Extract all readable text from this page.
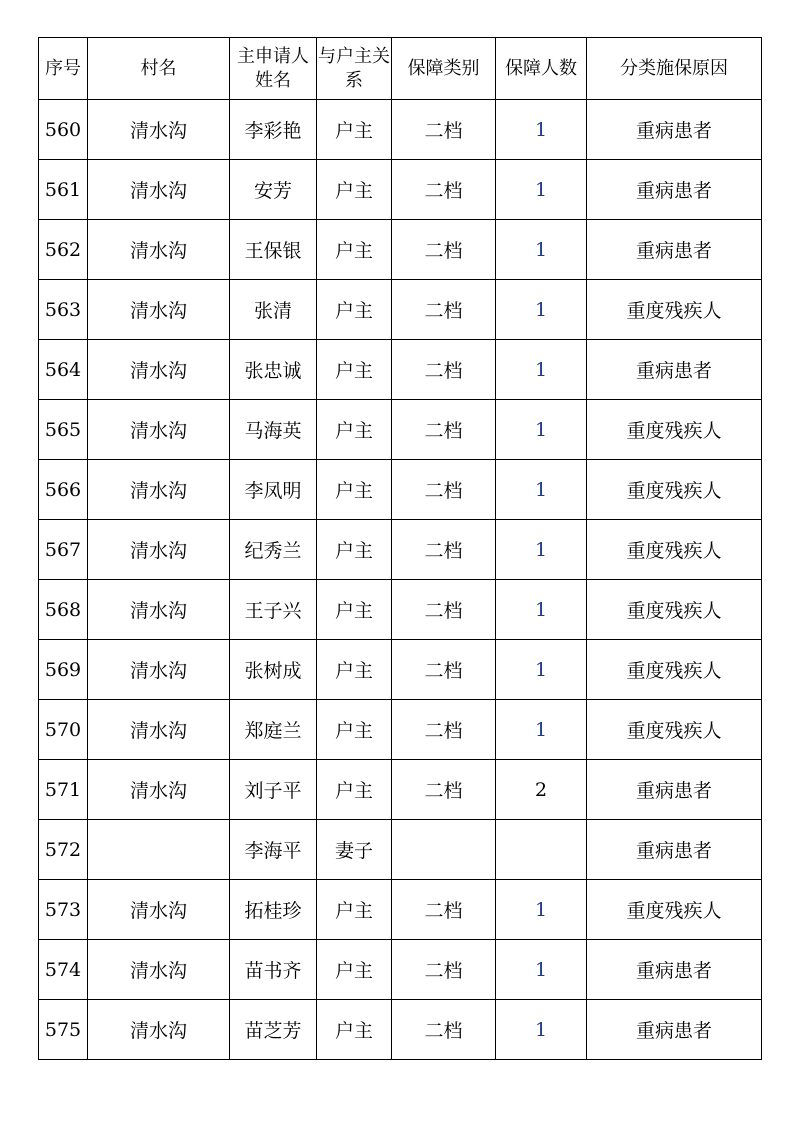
序号	村名	主申请人姓名	与户主关系	保障类别	保障人数	分类施保原因
560	清水沟	李彩艳	户主	二档	1	重病患者
561	清水沟	安芳	户主	二档	1	重病患者
562	清水沟	王保银	户主	二档	1	重病患者
563	清水沟	张清	户主	二档	1	重度残疾人
564	清水沟	张忠诚	户主	二档	1	重病患者
565	清水沟	马海英	户主	二档	1	重度残疾人
566	清水沟	李凤明	户主	二档	1	重度残疾人
567	清水沟	纪秀兰	户主	二档	1	重度残疾人
568	清水沟	王子兴	户主	二档	1	重度残疾人
569	清水沟	张树成	户主	二档	1	重度残疾人
570	清水沟	郑庭兰	户主	二档	1	重度残疾人
571	清水沟	刘子平	户主	二档	2	重病患者
572		李海平	妻子			重病患者
573	清水沟	拓桂珍	户主	二档	1	重度残疾人
574	清水沟	苗书齐	户主	二档	1	重病患者
575	清水沟	苗芝芳	户主	二档	1	重病患者
